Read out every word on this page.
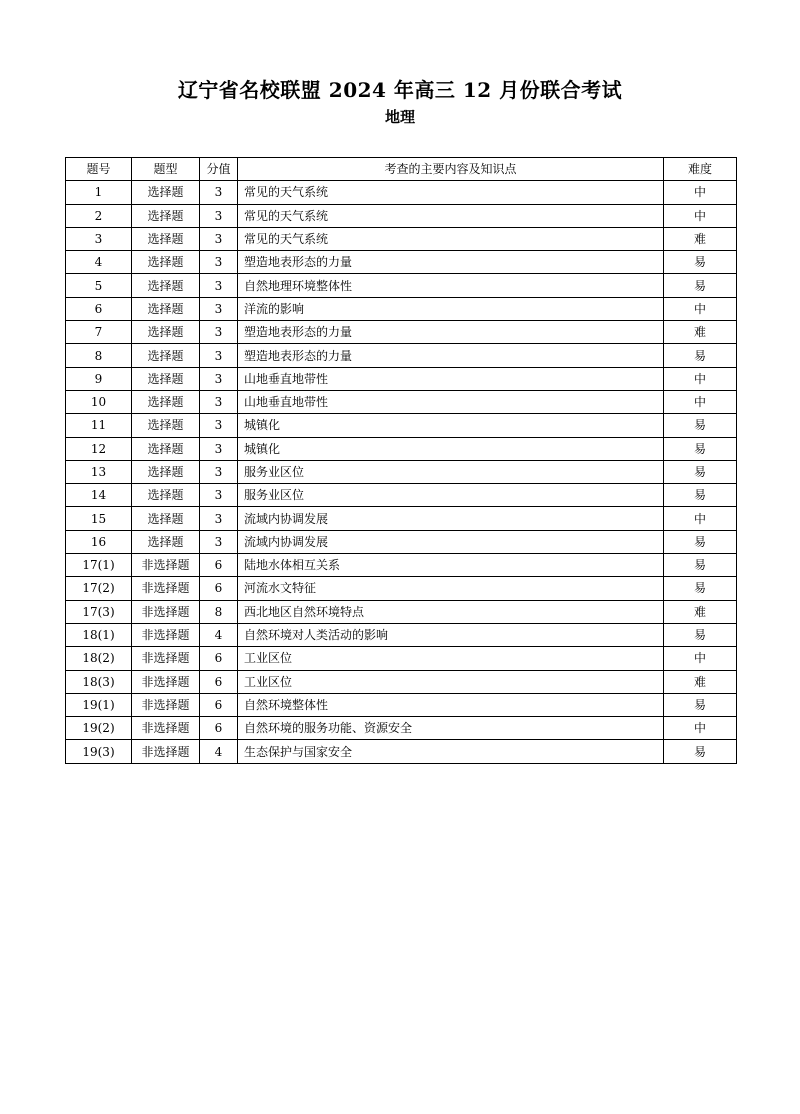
辽宁省名校联盟 2024 年高三 12 月份联合考试
地理
题号	题型	分值	考查的主要内容及知识点	难度
1	选择题	3	常见的天气系统	中
2	选择题	3	常见的天气系统	中
3	选择题	3	常见的天气系统	难
4	选择题	3	塑造地表形态的力量	易
5	选择题	3	自然地理环境整体性	易
6	选择题	3	洋流的影响	中
7	选择题	3	塑造地表形态的力量	难
8	选择题	3	塑造地表形态的力量	易
9	选择题	3	山地垂直地带性	中
10	选择题	3	山地垂直地带性	中
11	选择题	3	城镇化	易
12	选择题	3	城镇化	易
13	选择题	3	服务业区位	易
14	选择题	3	服务业区位	易
15	选择题	3	流域内协调发展	中
16	选择题	3	流域内协调发展	易
17(1)	非选择题	6	陆地水体相互关系	易
17(2)	非选择题	6	河流水文特征	易
17(3)	非选择题	8	西北地区自然环境特点	难
18(1)	非选择题	4	自然环境对人类活动的影响	易
18(2)	非选择题	6	工业区位	中
18(3)	非选择题	6	工业区位	难
19(1)	非选择题	6	自然环境整体性	易
19(2)	非选择题	6	自然环境的服务功能、资源安全	中
19(3)	非选择题	4	生态保护与国家安全	易
